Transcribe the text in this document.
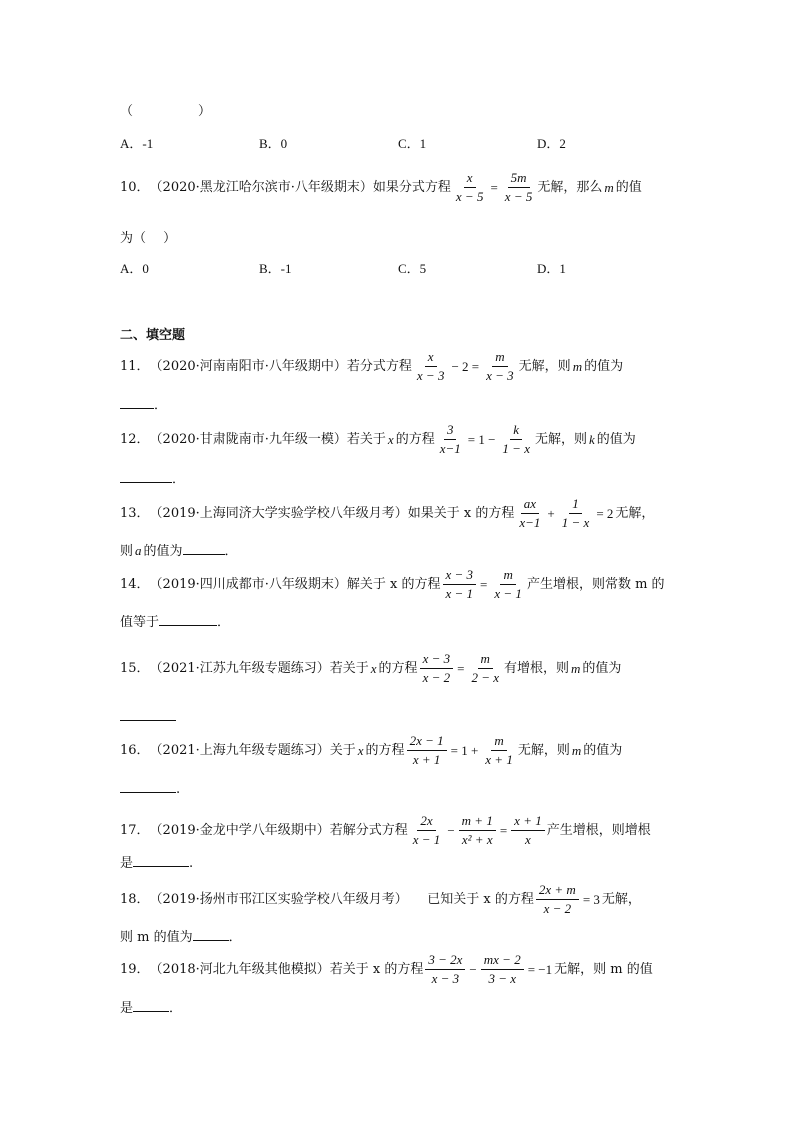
（　　　　　）
A．-1	B．0	C．1	D．2
10． （2020·黑龙江哈尔滨市·八年级期末）如果分式方程 $\frac{x}{x - 5} = \frac{5m}{x - 5}$ 无解，那么 m 的值
为（　 ）
A．0	B．-1	C．5	D．1
二、填空题
11． （2020·河南南阳市·八年级期中）若分式方程 $\frac{x}{x - 3} - 2 = \frac{m}{x - 3}$ 无解，则 m 的值为
．
12． （2020·甘肃陇南市·九年级一模）若关于 x 的方程 $\frac{3}{x-1} = 1 - \frac{k}{1 - x}$ 无解，则 k 的值为
．
13． （2019·上海同济大学实验学校八年级月考）如果关于 x 的方程 $\frac{ax}{x-1} + \frac{1}{1 - x} = 2$ 无解，
则 a 的值为	．
14． （2019·四川成都市·八年级期末）解关于 x 的方程 $\frac{x - 3}{x - 1} = \frac{m}{x - 1}$ 产生增根，则常数 m 的
值等于	．
15． （2021·江苏九年级专题练习）若关于 x 的方程 $\frac{x - 3}{x - 2} = \frac{m}{2 - x}$ 有增根，则 m 的值为
16． （2021·上海九年级专题练习）关于 x 的方程 $\frac{2x - 1}{x + 1} = 1 + \frac{m}{x + 1}$ 无解，则 m 的值为
.
17． （2019·金龙中学八年级期中）若解分式方程 $\frac{2x}{x - 1} - \frac{m + 1}{\text{x² + x}} = \frac{x + 1}{x}$ 产生增根，则增根
是	.
18． （2019·扬州市邗江区实验学校八年级月考）　　已知关于 x 的方程 $\frac{2x + m}{x - 2} = 3$ 无解，
则 m 的值为	．
19． （2018·河北九年级其他模拟）若关于 x 的方程 $\frac{3 - 2x}{x - 3} - \frac{mx - 2}{3 - x} = -1$ 无解，则 m 的值
是	．
